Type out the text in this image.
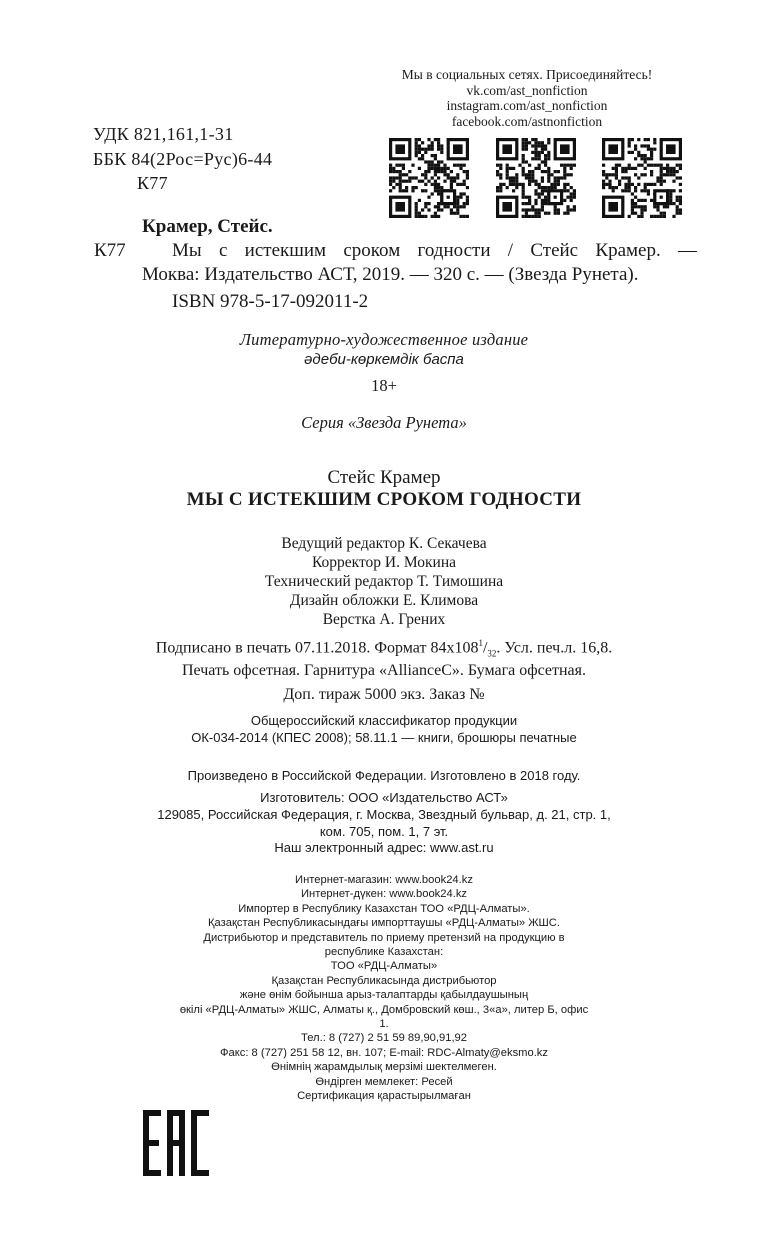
Мы в социальных сетях. Присоединяйтесь!
vk.com/ast_nonfiction
instagram.com/ast_nonfiction
facebook.com/astnonfiction
УДК 821,161,1-31
ББК 84(2Рос=Рус)6-44
К77
Крамер, Стейс.
К77 Мы с истекшим сроком годности / Стейс Крамер. —
Моква: Издательство АСТ, 2019. — 320 с. — (Звезда Рунета).
ISBN 978-5-17-092011-2
Литературно-художественное издание
әдеби-көркемдік баспа
18+
Серия «Звезда Рунета»
Стейс Крамер
МЫ С ИСТЕКШИМ СРОКОМ ГОДНОСТИ
Ведущий редактор К. Секачева
Корректор И. Мокина
Технический редактор Т. Тимошина
Дизайн обложки Е. Климова
Верстка А. Грених
Подписано в печать 07.11.2018. Формат $84x108^1/_{32}$. Усл. печ.л. 16,8.
Печать офсетная. Гарнитура «AllianceC». Бумага офсетная.
Доп. тираж 5000 экз. Заказ №
Общероссийский классификатор продукции
ОК-034-2014 (КПЕС 2008); 58.11.1 — книги, брошюры печатные
Произведено в Российской Федерации. Изготовлено в 2018 году.
Изготовитель: ООО «Издательство АСТ»
129085, Российская Федерация, г. Москва, Звездный бульвар, д. 21, стр. 1,
ком. 705, пом. 1, 7 эт.
Наш электронный адрес: www.ast.ru
Интернет-магазин: www.book24.kz
Интернет-дүкен: www.book24.kz
Импортер в Республику Казахстан ТОО «РДЦ-Алматы».
Қазақстан Республикасындағы импорттаушы «РДЦ-Алматы» ЖШС.
Дистрибьютор и представитель по приему претензий на продукцию в
республике Казахстан:
ТОО «РДЦ-Алматы»
Қазақстан Республикасында дистрибьютор
және өнім бойынша арыз-талаптарды қабылдаушының
өкілі «РДЦ-Алматы» ЖШС, Алматы қ., Домбровский көш., 3«а», литер Б, офис
1.
Тел.: 8 (727) 2 51 59 89,90,91,92
Факс: 8 (727) 251 58 12, вн. 107; E-mail: RDC-Almaty@eksmo.kz
Өнімнің жарамдылық мерзімі шектелмеген.
Өндірген мемлекет: Ресей
Сертификация қарастырылмаған
